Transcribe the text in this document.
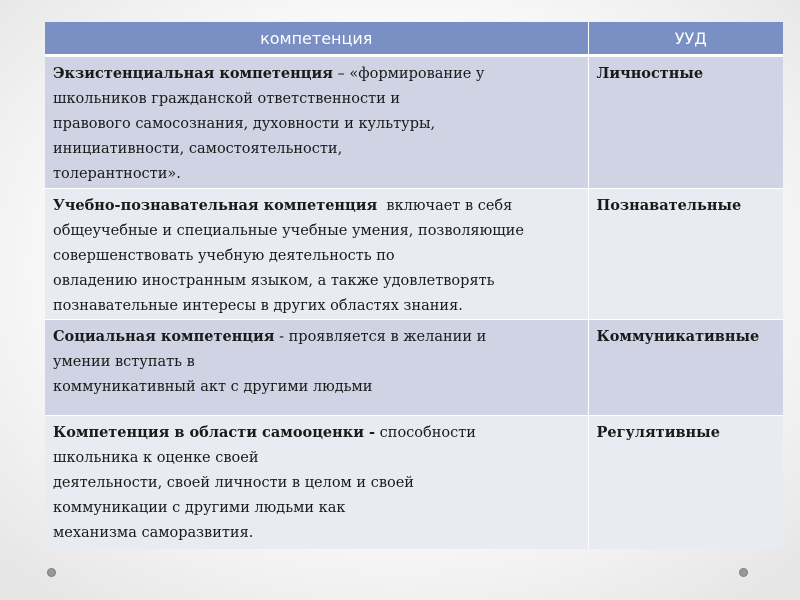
компетенция	УУД

Экзистенциальная компетенция – «формирование у
школьников гражданской ответственности и
правового самосознания, духовности и культуры,
инициативности, самостоятельности,
толерантности».	Личностные

Учебно-познавательная компетенция  включает в себя
общеучебные и специальные учебные умения, позволяющие
совершенствовать учебную деятельность по
овладению иностранным языком, а также удовлетворять
познавательные интересы в других областях знания.	Познавательные

Социальная компетенция - проявляется в желании и
умении вступать в
коммуникативный акт с другими людьми	Коммуникативные

Компетенция в области самооценки - способности
школьника к оценке своей
деятельности, своей личности в целом и своей
коммуникации с другими людьми как
механизма саморазвития.	Регулятивные
